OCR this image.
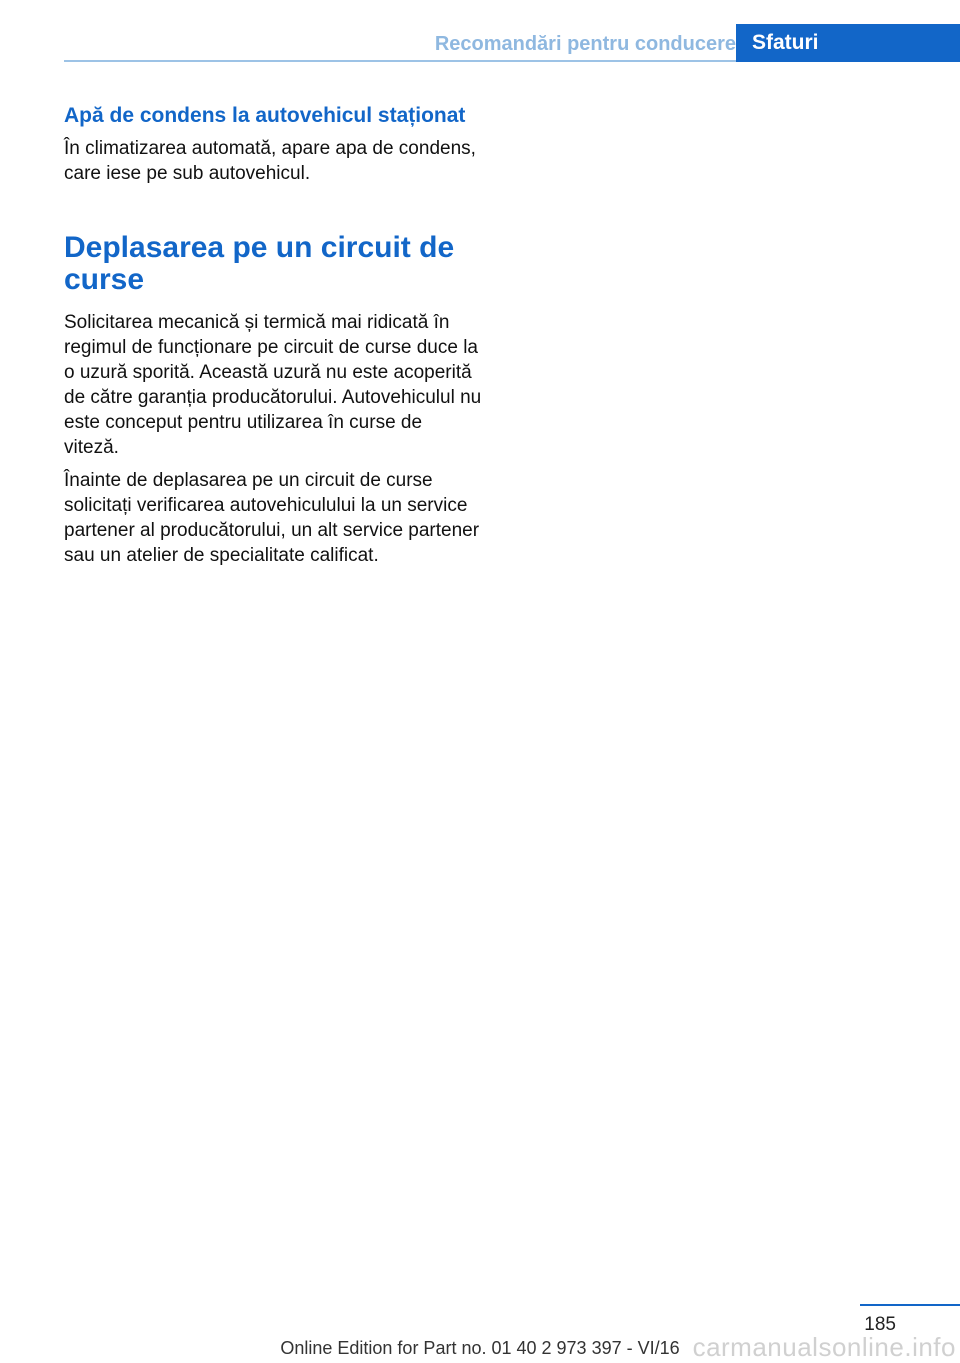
Recomandări pentru conducere Sfaturi
Apă de condens la autovehicul staționat

În climatizarea automată, apare apa de condens, care iese pe sub autovehicul.

Deplasarea pe un circuit de curse

Solicitarea mecanică și termică mai ridicată în regimul de funcționare pe circuit de curse duce la o uzură sporită. Această uzură nu este acoperită de către garanția producătorului. Autovehiculul nu este conceput pentru utilizarea în curse de viteză.

Înainte de deplasarea pe un circuit de curse solicitați verificarea autovehiculului la un service partener al producătorului, un alt service partener sau un atelier de specialitate calificat.

185
Online Edition for Part no. 01 40 2 973 397 - VI/16 carmanualsonline.info
